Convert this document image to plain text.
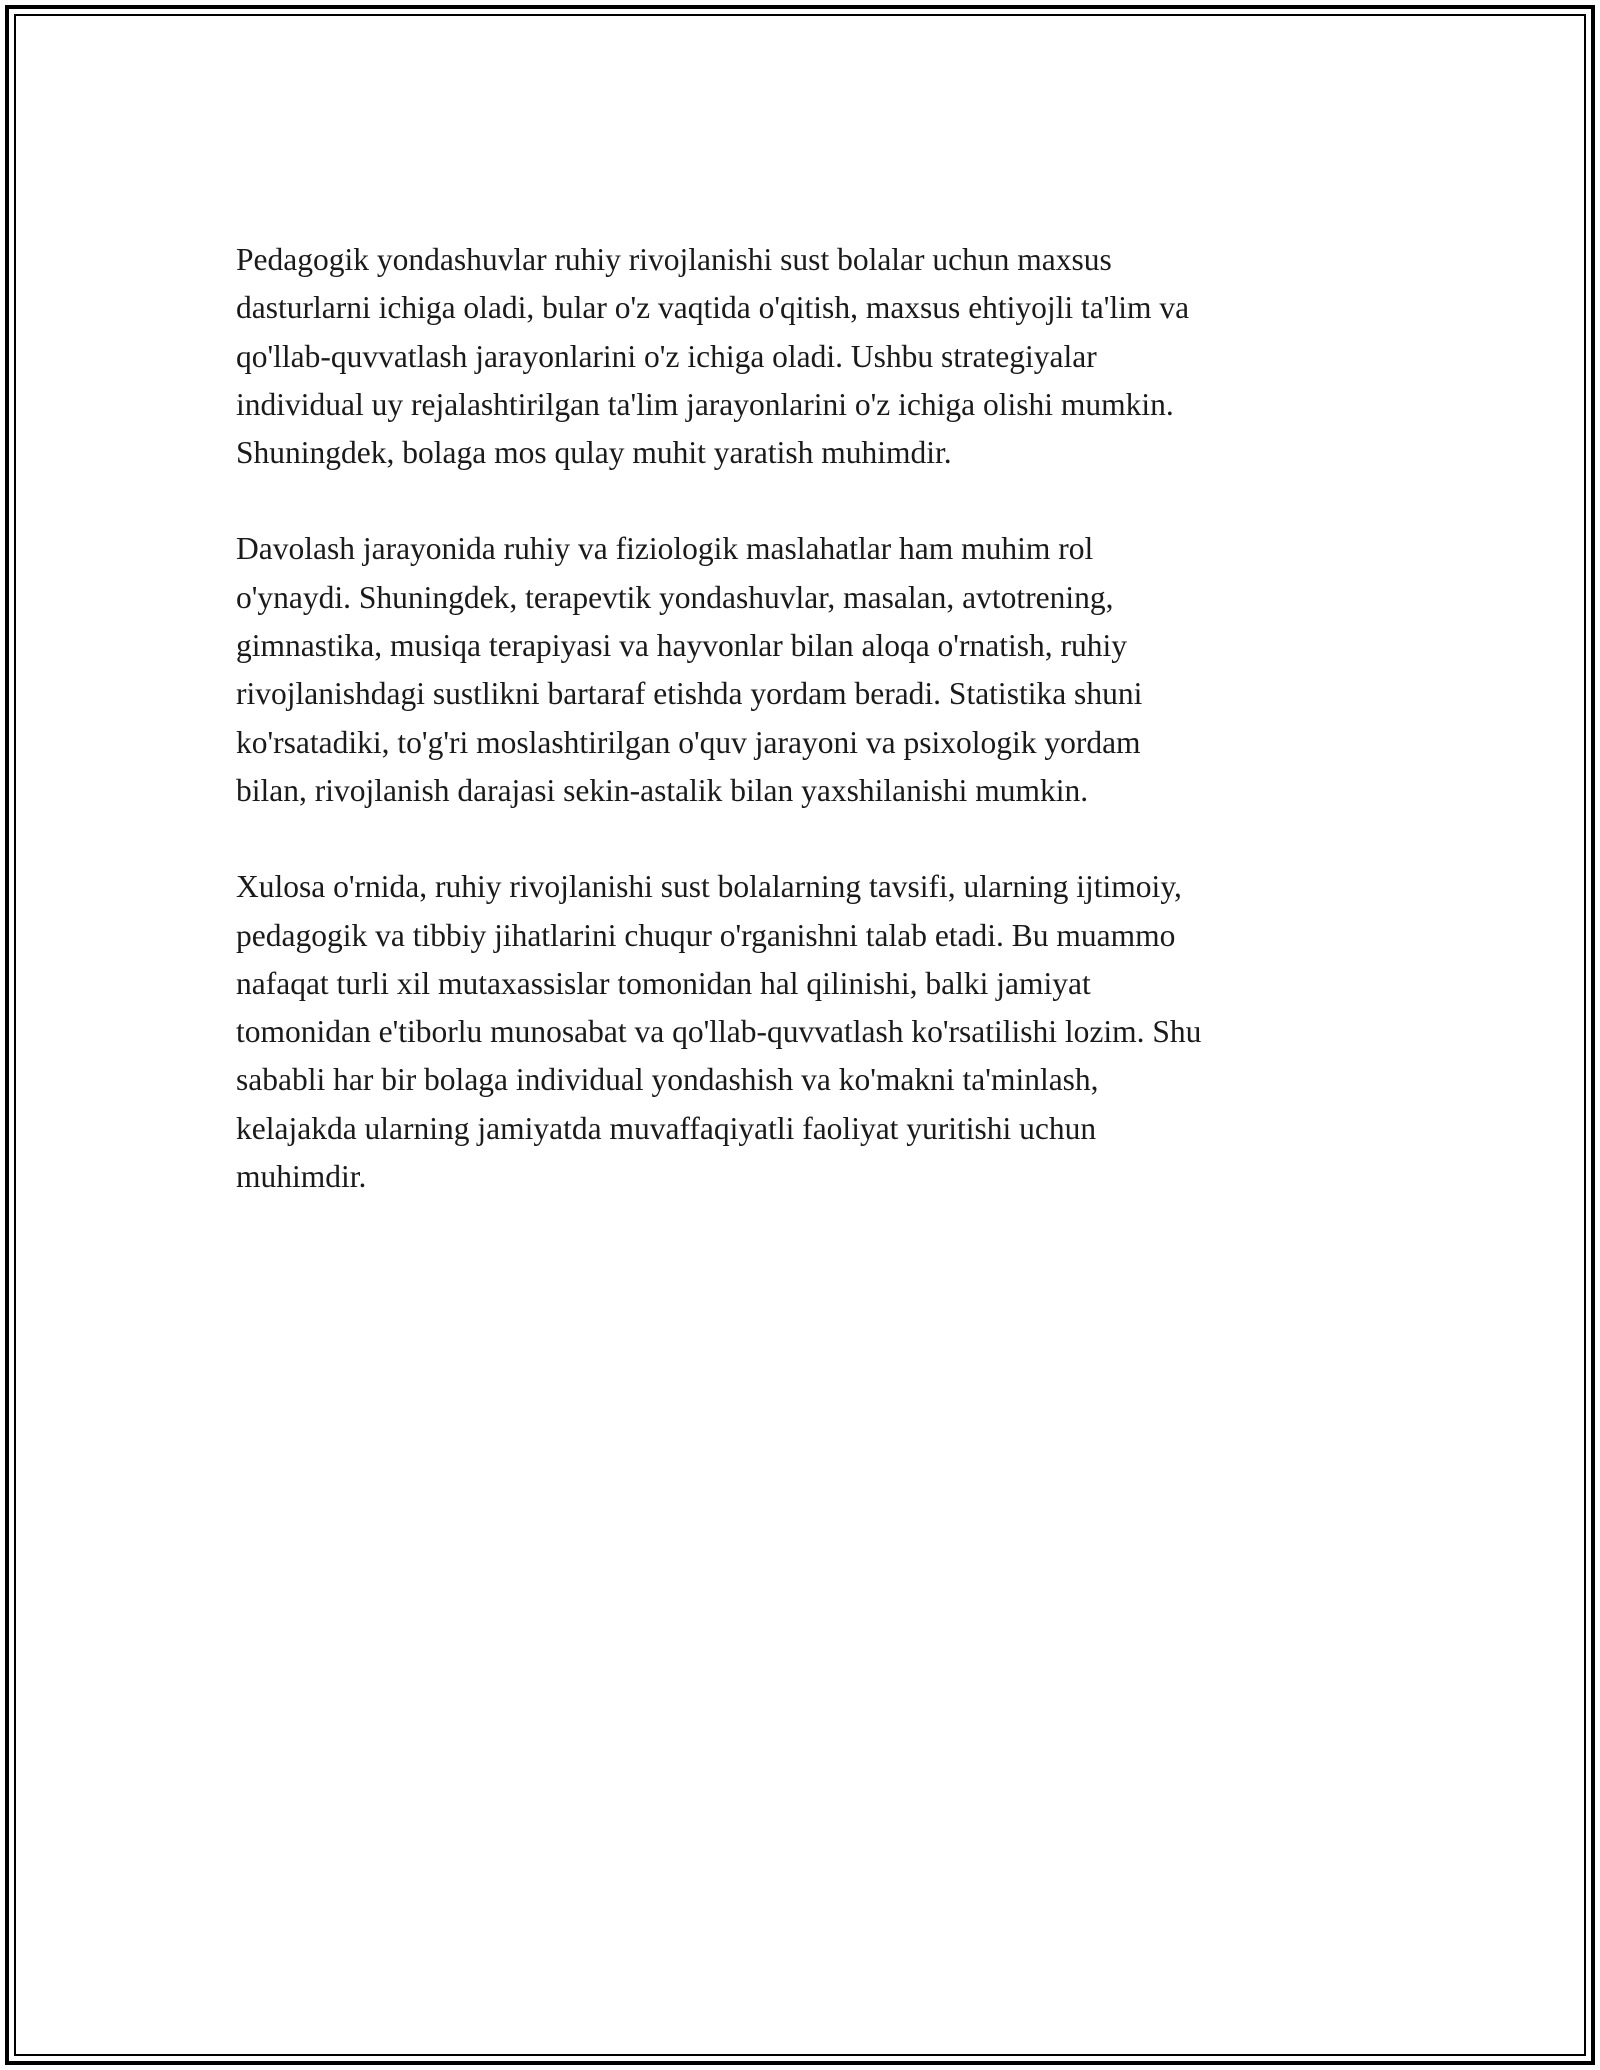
Pedagogik yondashuvlar ruhiy rivojlanishi sust bolalar uchun maxsus
dasturlarni ichiga oladi, bular o'z vaqtida o'qitish, maxsus ehtiyojli ta'lim va
qo'llab-quvvatlash jarayonlarini o'z ichiga oladi. Ushbu strategiyalar
individual uy rejalashtirilgan ta'lim jarayonlarini o'z ichiga olishi mumkin.
Shuningdek, bolaga mos qulay muhit yaratish muhimdir.

Davolash jarayonida ruhiy va fiziologik maslahatlar ham muhim rol
o'ynaydi. Shuningdek, terapevtik yondashuvlar, masalan, avtotrening,
gimnastika, musiqa terapiyasi va hayvonlar bilan aloqa o'rnatish, ruhiy
rivojlanishdagi sustlikni bartaraf etishda yordam beradi. Statistika shuni
ko'rsatadiki, to'g'ri moslashtirilgan o'quv jarayoni va psixologik yordam
bilan, rivojlanish darajasi sekin-astalik bilan yaxshilanishi mumkin.

Xulosa o'rnida, ruhiy rivojlanishi sust bolalarning tavsifi, ularning ijtimoiy,
pedagogik va tibbiy jihatlarini chuqur o'rganishni talab etadi. Bu muammo
nafaqat turli xil mutaxassislar tomonidan hal qilinishi, balki jamiyat
tomonidan e'tiborlu munosabat va qo'llab-quvvatlash ko'rsatilishi lozim. Shu
sababli har bir bolaga individual yondashish va ko'makni ta'minlash,
kelajakda ularning jamiyatda muvaffaqiyatli faoliyat yuritishi uchun
muhimdir.
